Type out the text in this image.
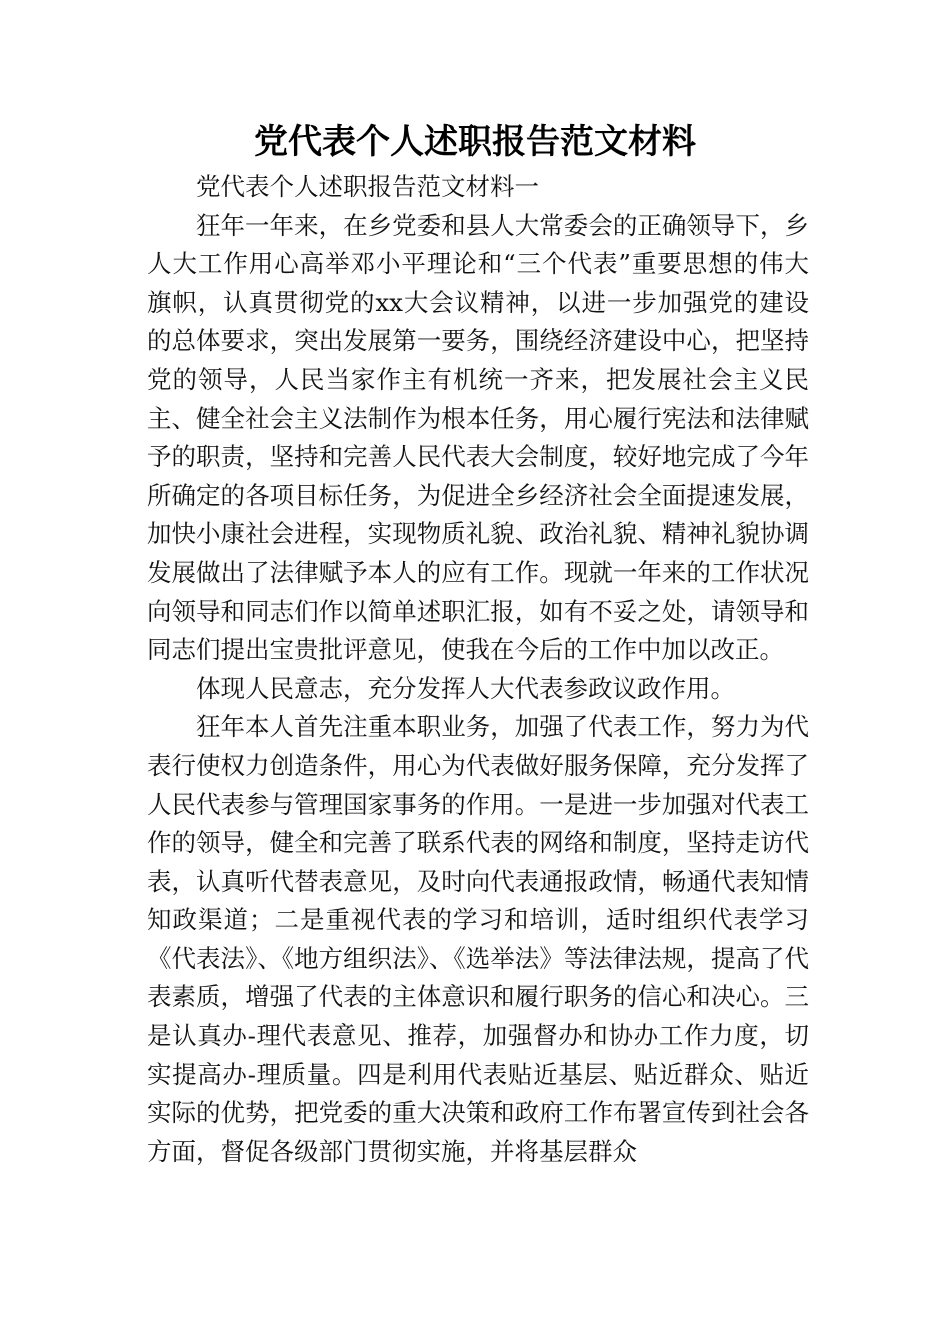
党代表个人述职报告范文材料

党代表个人述职报告范文材料一

狂年一年来，在乡党委和县人大常委会的正确领导下，乡人大工作用心高举邓小平理论和“三个代表”重要思想的伟大旗帜，认真贯彻党的xx大会议精神，以进一步加强党的建设的总体要求，突出发展第一要务，围绕经济建设中心，把坚持党的领导，人民当家作主有机统一齐来，把发展社会主义民主、健全社会主义法制作为根本任务，用心履行宪法和法律赋予的职责，坚持和完善人民代表大会制度，较好地完成了今年所确定的各项目标任务，为促进全乡经济社会全面提速发展，加快小康社会进程，实现物质礼貌、政治礼貌、精神礼貌协调发展做出了法律赋予本人的应有工作。现就一年来的工作状况向领导和同志们作以简单述职汇报，如有不妥之处，请领导和同志们提出宝贵批评意见，使我在今后的工作中加以改正。

体现人民意志，充分发挥人大代表参政议政作用。

狂年本人首先注重本职业务，加强了代表工作，努力为代表行使权力创造条件，用心为代表做好服务保障，充分发挥了人民代表参与管理国家事务的作用。一是进一步加强对代表工作的领导，健全和完善了联系代表的网络和制度，坚持走访代表，认真听代替表意见，及时向代表通报政情，畅通代表知情知政渠道；二是重视代表的学习和培训，适时组织代表学习《代表法》、《地方组织法》、《选举法》等法律法规，提高了代表素质，增强了代表的主体意识和履行职务的信心和决心。三是认真办-理代表意见、推荐，加强督办和协办工作力度，切实提高办-理质量。四是利用代表贴近基层、贴近群众、贴近实际的优势，把党委的重大决策和政府工作布署宣传到社会各方面，督促各级部门贯彻实施，并将基层群众
